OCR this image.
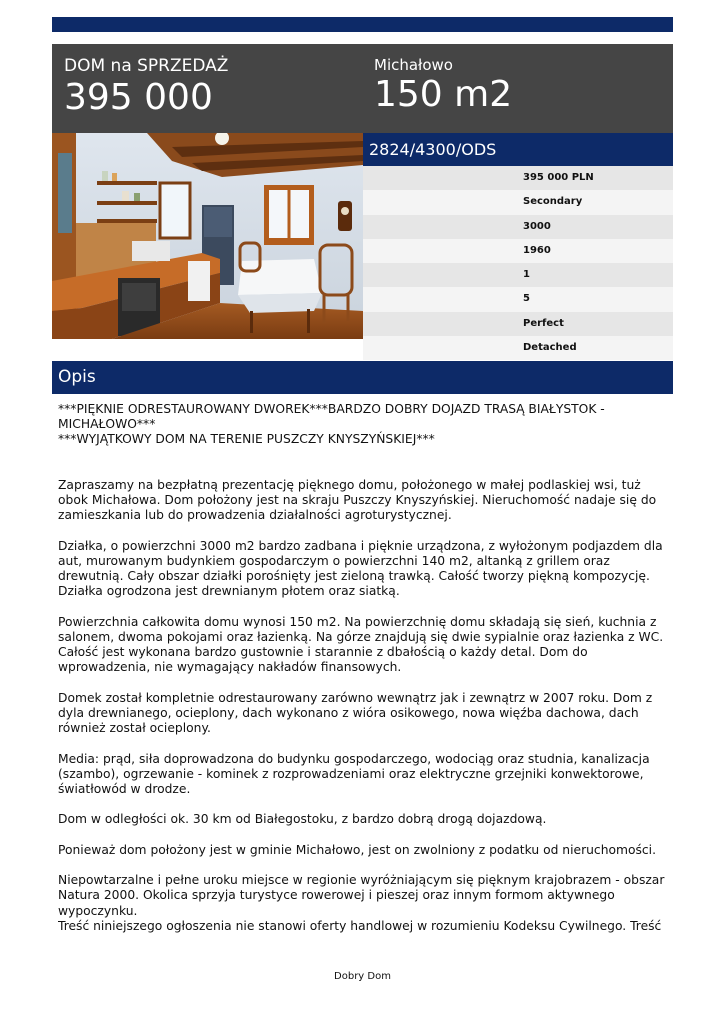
DOM na SPRZEDAŻ
395 000
Michałowo
150 m2
2824/4300/ODS
395 000 PLN
Secondary
3000
1960
1
5
Perfect
Detached
Opis

***PIĘKNIE ODRESTAUROWANY DWOREK***BARDZO DOBRY DOJAZD TRASĄ BIAŁYSTOK - MICHAŁOWO***

***WYJĄTKOWY DOM NA TERENIE PUSZCZY KNYSZYŃSKIEJ***

Zapraszamy na bezpłatną prezentację pięknego domu, położonego w małej podlaskiej wsi, tuż obok Michałowa. Dom położony jest na skraju Puszczy Knyszyńskiej. Nieruchomość nadaje się do zamieszkania lub do prowadzenia działalności agroturystycznej.

Działka, o powierzchni 3000 m2 bardzo zadbana i pięknie urządzona, z wyłożonym podjazdem dla aut, murowanym budynkiem gospodarczym o powierzchni 140 m2, altanką z grillem oraz drewutnią. Cały obszar działki porośnięty jest zieloną trawką. Całość tworzy piękną kompozycję. Działka ogrodzona jest drewnianym płotem oraz siatką.

Powierzchnia całkowita domu wynosi 150 m2. Na powierzchnię domu składają się sień, kuchnia z salonem, dwoma pokojami oraz łazienką. Na górze znajdują się dwie sypialnie oraz łazienka z WC. Całość jest wykonana bardzo gustownie i starannie z dbałością o każdy detal. Dom do wprowadzenia, nie wymagający nakładów finansowych.

Domek został kompletnie odrestaurowany zarówno wewnątrz jak i zewnątrz w 2007 roku. Dom z dyla drewnianego, ocieplony, dach wykonano z wióra osikowego, nowa więźba dachowa, dach również został ocieplony.

Media: prąd, siła doprowadzona do budynku gospodarczego, wodociąg oraz studnia, kanalizacja (szambo), ogrzewanie - kominek z rozprowadzeniami oraz elektryczne grzejniki konwektorowe, światłowód w drodze.

Dom w odległości ok. 30 km od Białegostoku, z bardzo dobrą drogą dojazdową.

Ponieważ dom położony jest w gminie Michałowo, jest on zwolniony z podatku od nieruchomości.

Niepowtarzalne i pełne uroku miejsce w regionie wyróżniającym się pięknym krajobrazem - obszar Natura 2000. Okolica sprzyja turystyce rowerowej i pieszej oraz innym formom aktywnego wypoczynku.

Treść niniejszego ogłoszenia nie stanowi oferty handlowej w rozumieniu Kodeksu Cywilnego. Treść

Dobry Dom
